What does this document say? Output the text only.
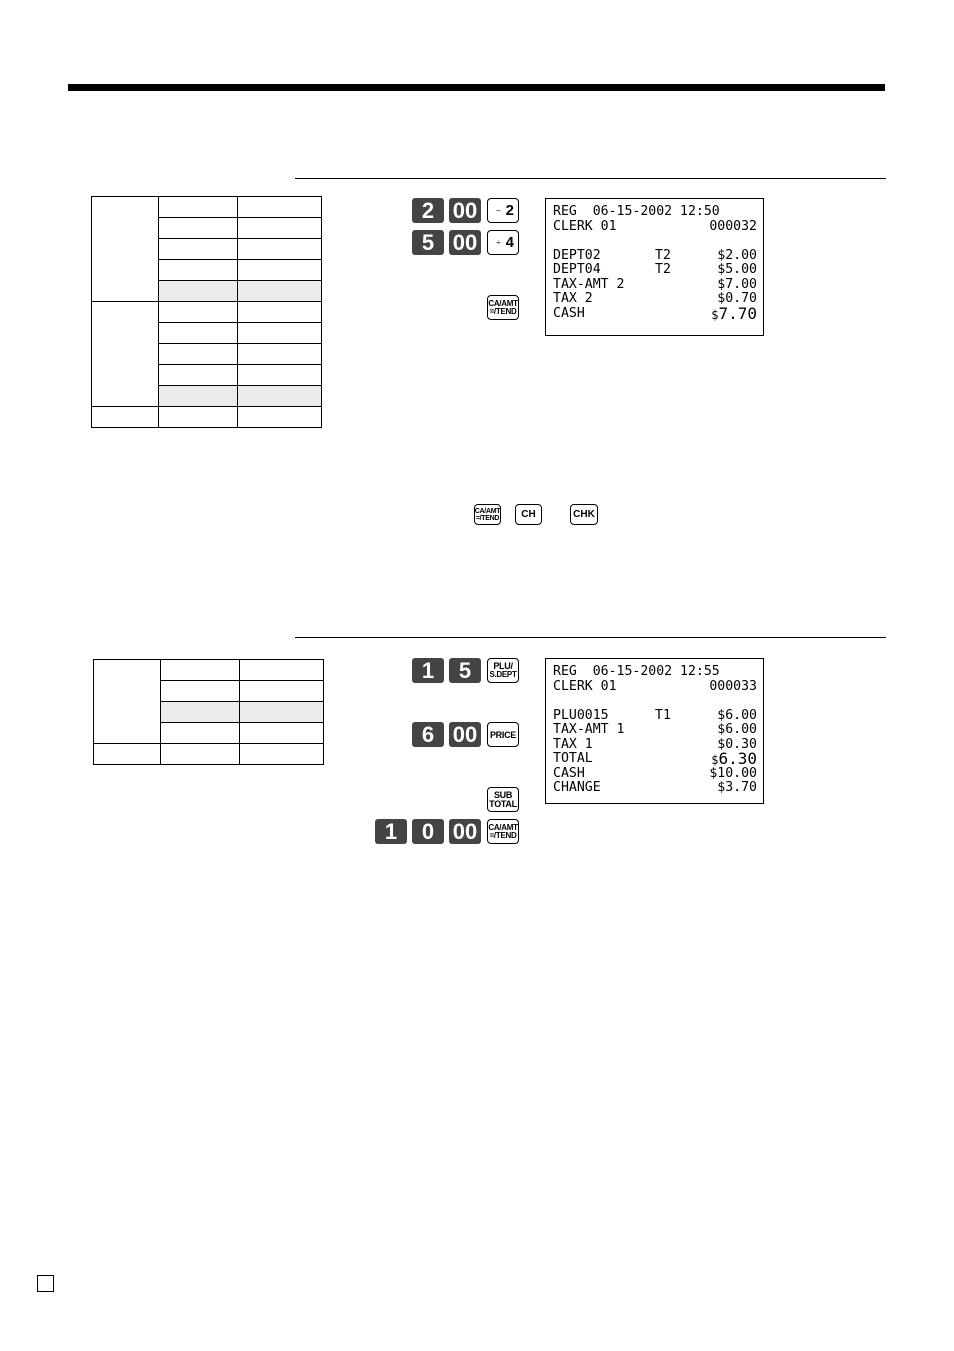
2 00	– 2
5 00	÷ 4
CA/AMT
=/TEND
REG  06-15-2002 12:50
CLERK 01	000032
DEPT02	T2	$2.00
DEPT04	T2	$5.00
TAX-AMT 2	$7.00
TAX 2	$0.70
CASH	$7.70
CA/AMT
=/TEND CH	CHK

1	5	PLU/
S.DEPT
6 00	PRICE
SUB
TOTAL
1	0 00	CA/AMT
=/TEND
REG  06-15-2002 12:55
CLERK 01	000033
PLU0015	T1	$6.00
TAX-AMT 1	$6.00
TAX 1	$0.30
TOTAL	$6.30
CASH	$10.00
CHANGE	$3.70
